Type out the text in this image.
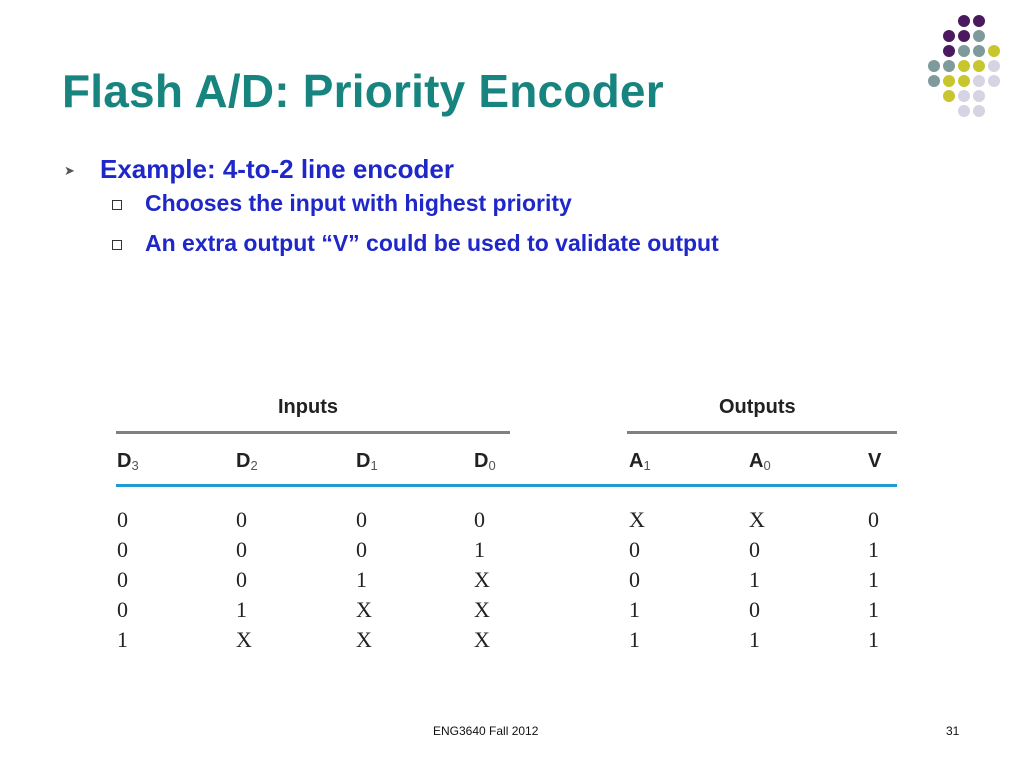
Flash A/D: Priority Encoder
➤ Example: 4-to-2 line encoder
Chooses the input with highest priority
An extra output “V” could be used to validate output
Inputs	Outputs
$D_3$	$D_2$	$D_1$	$D_0$	$A_1$	$A_0$	V
0	0	0	0	X	X	0
0	0	0	1	0	0	1
0	0	1	X	0	1	1
0	1	X	X	1	0	1
1	X	X	X	1	1	1
ENG3640 Fall 2012	31
